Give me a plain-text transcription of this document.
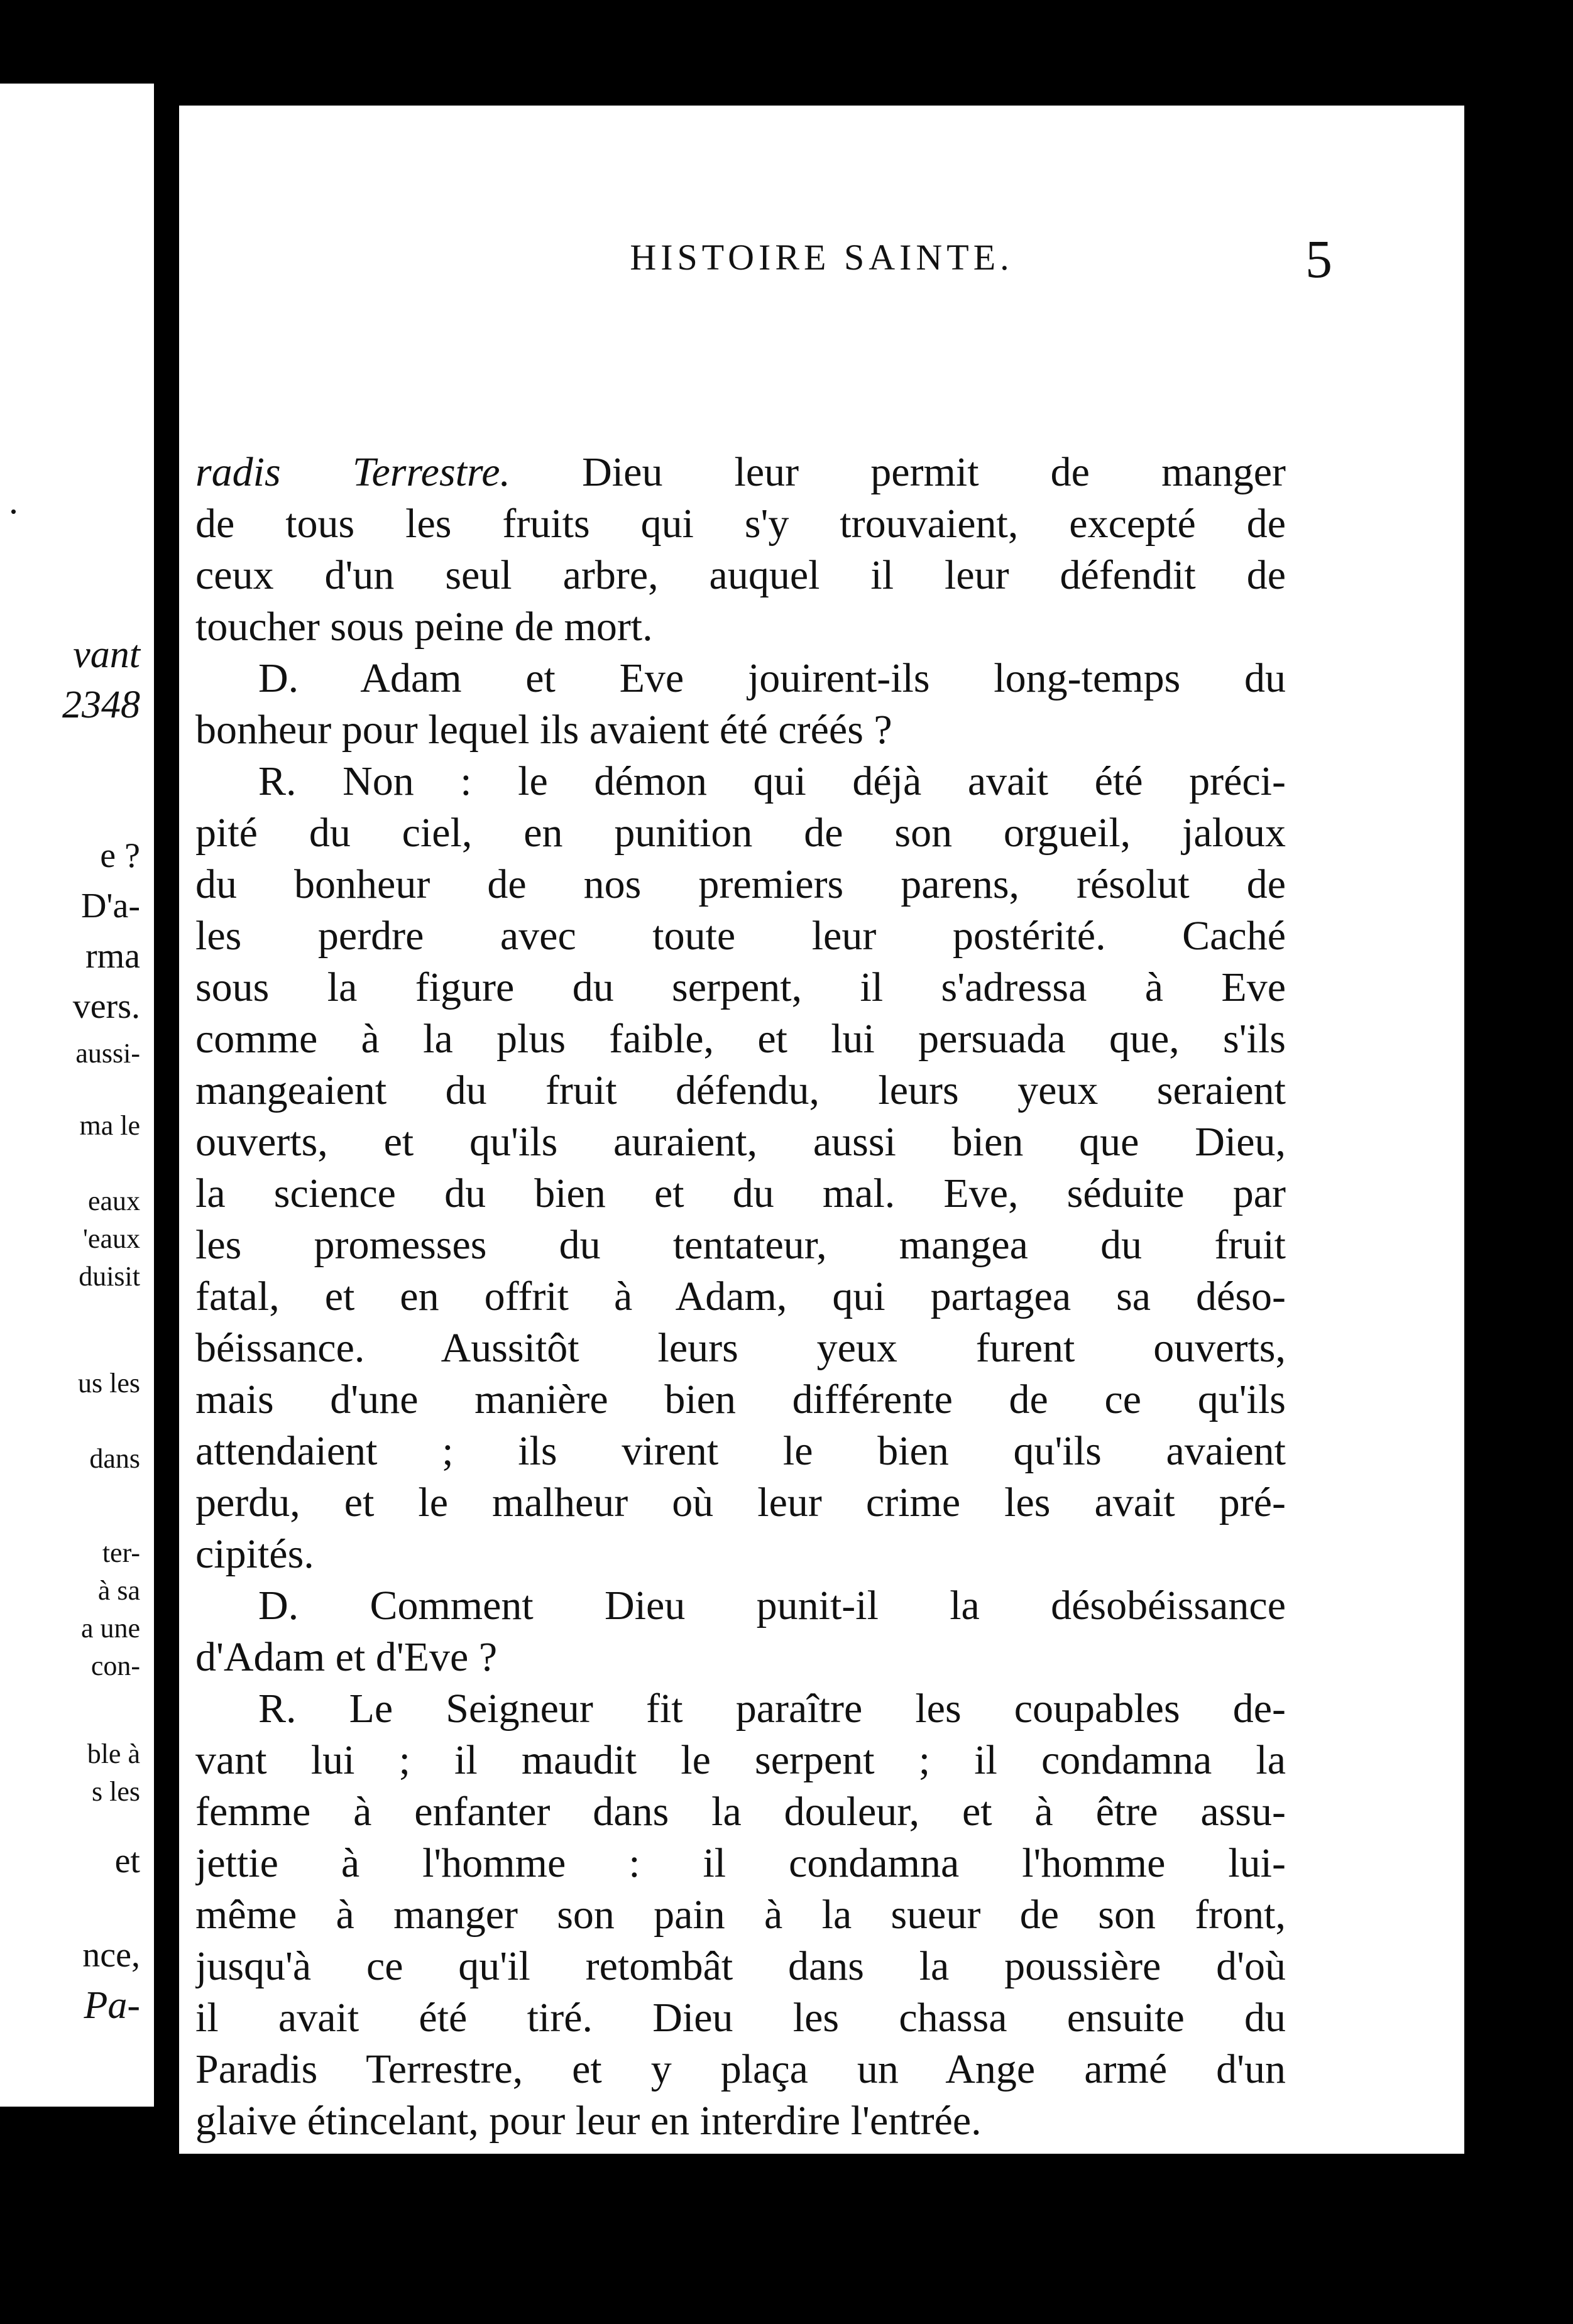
.
vant
2348
e ?
D'a-
rma
vers.
aussi-
ma le
eaux
'eaux
duisit
us les
dans
ter-
à sa
a une
con-
ble à
s les
et
nce,
Pa-
HISTOIRE SAINTE.	5
radis Terrestre. Dieu leur permit de manger
de tous les fruits qui s'y trouvaient, excepté de
ceux d'un seul arbre, auquel il leur défendit de
toucher sous peine de mort.
D. Adam et Eve jouirent-ils long-temps du
bonheur pour lequel ils avaient été créés ?
R. Non : le démon qui déjà avait été préci-
pité du ciel, en punition de son orgueil, jaloux
du bonheur de nos premiers parens, résolut de
les perdre avec toute leur postérité. Caché
sous la figure du serpent, il s'adressa à Eve
comme à la plus faible, et lui persuada que, s'ils
mangeaient du fruit défendu, leurs yeux seraient
ouverts, et qu'ils auraient, aussi bien que Dieu,
la science du bien et du mal. Eve, séduite par
les promesses du tentateur, mangea du fruit
fatal, et en offrit à Adam, qui partagea sa déso-
béissance. Aussitôt leurs yeux furent ouverts,
mais d'une manière bien différente de ce qu'ils
attendaient ; ils virent le bien qu'ils avaient
perdu, et le malheur où leur crime les avait pré-
cipités.
D. Comment Dieu punit-il la désobéissance
d'Adam et d'Eve ?
R. Le Seigneur fit paraître les coupables de-
vant lui ; il maudit le serpent ; il condamna la
femme à enfanter dans la douleur, et à être assu-
jettie à l'homme : il condamna l'homme lui-
même à manger son pain à la sueur de son front,
jusqu'à ce qu'il retombât dans la poussière d'où
il avait été tiré. Dieu les chassa ensuite du
Paradis Terrestre, et y plaça un Ange armé d'un
glaive étincelant, pour leur en interdire l'entrée.
